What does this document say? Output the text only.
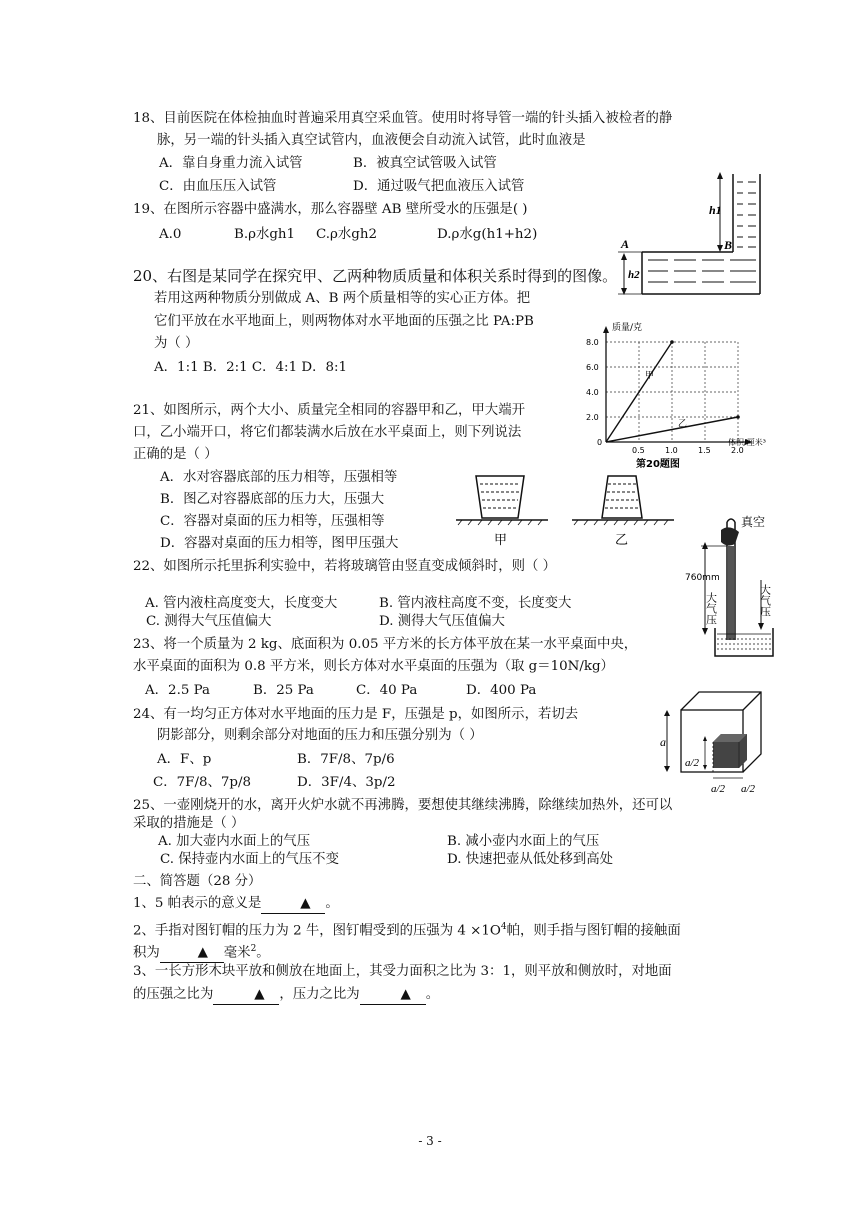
18、目前医院在体检抽血时普遍采用真空采血管。使用时将导管一端的针头插入被检者的静
脉，另一端的针头插入真空试管内，血液便会自动流入试管，此时血液是
A．靠自身重力流入试管	B．被真空试管吸入试管
C．由血压压入试管	D．通过吸气把血液压入试管
19、在图所示容器中盛满水，那么容器壁 AB 壁所受水的压强是( )
A.0	B.ρ水gh1 C.ρ水gh2	D.ρ水g(h1+h2)
h1
h2
A	B
20、右图是某同学在探究甲、乙两种物质质量和体积关系时得到的图像。
若用这两种物质分别做成 A、B 两个质量相等的实心正方体。把
它们平放在水平地面上，则两物体对水平地面的压强之比 PA:PB
为（ ）
A．1:1 B．2:1 C．4:1 D．8:1
0.5	1.0	1.5	2.0
2.0
4.0
6.0
8.0
0
质量/克
体积/厘米³
第20题图
甲
乙
21、如图所示，两个大小、质量完全相同的容器甲和乙，甲大端开
口，乙小端开口，将它们都装满水后放在水平桌面上，则下列说法
正确的是（ ）
A．水对容器底部的压力相等，压强相等
B．图乙对容器底部的压力大，压强大
C．容器对桌面的压力相等，压强相等
D．容器对桌面的压力相等，图甲压强大	甲	乙
22、如图所示托里拆利实验中，若将玻璃管由竖直变成倾斜时，则（ ）
A. 管内液柱高度变大，长度变大	B. 管内液柱高度不变，长度变大
C. 测得大气压值偏大	D. 测得大气压值偏大
真空
760mm
大气压	大气压
23、将一个质量为 2 kg、底面积为 0.05 平方米的长方体平放在某一水平桌面中央，
水平桌面的面积为 0.8 平方米，则长方体对水平桌面的压强为（取 g＝10N/kg）
A．2.5 Pa	B．25 Pa	C．40 Pa	D．400 Pa
24、有一均匀正方体对水平地面的压力是 F，压强是 p，如图所示，若切去
阴影部分，则剩余部分对地面的压力和压强分别为（ ）
A．F、p	B．7F/8、7p/6
C．7F/8、7p/8	D．3F/4、3p/2
a
a/2
a/2 a/2
25、一壶刚烧开的水，离开火炉水就不再沸腾，要想使其继续沸腾，除继续加热外，还可以
采取的措施是（ ）
A. 加大壶内水面上的气压	B. 减小壶内水面上的气压
C. 保持壶内水面上的气压不变	D. 快速把壶从低处移到高处
二、简答题（28 分）
1、5 帕表示的意义是	▲ 。
2、手指对图钉帽的压力为 2 牛，图钉帽受到的压强为 $4 \times 1O^4$帕，则手指与图钉帽的接触面
积为	▲ 毫米$^2$。
3、一长方形木块平放和侧放在地面上，其受力面积之比为 3：1，则平放和侧放时，对地面
的压强之比为	▲ ，压力之比为	▲ 。
- 3 -
